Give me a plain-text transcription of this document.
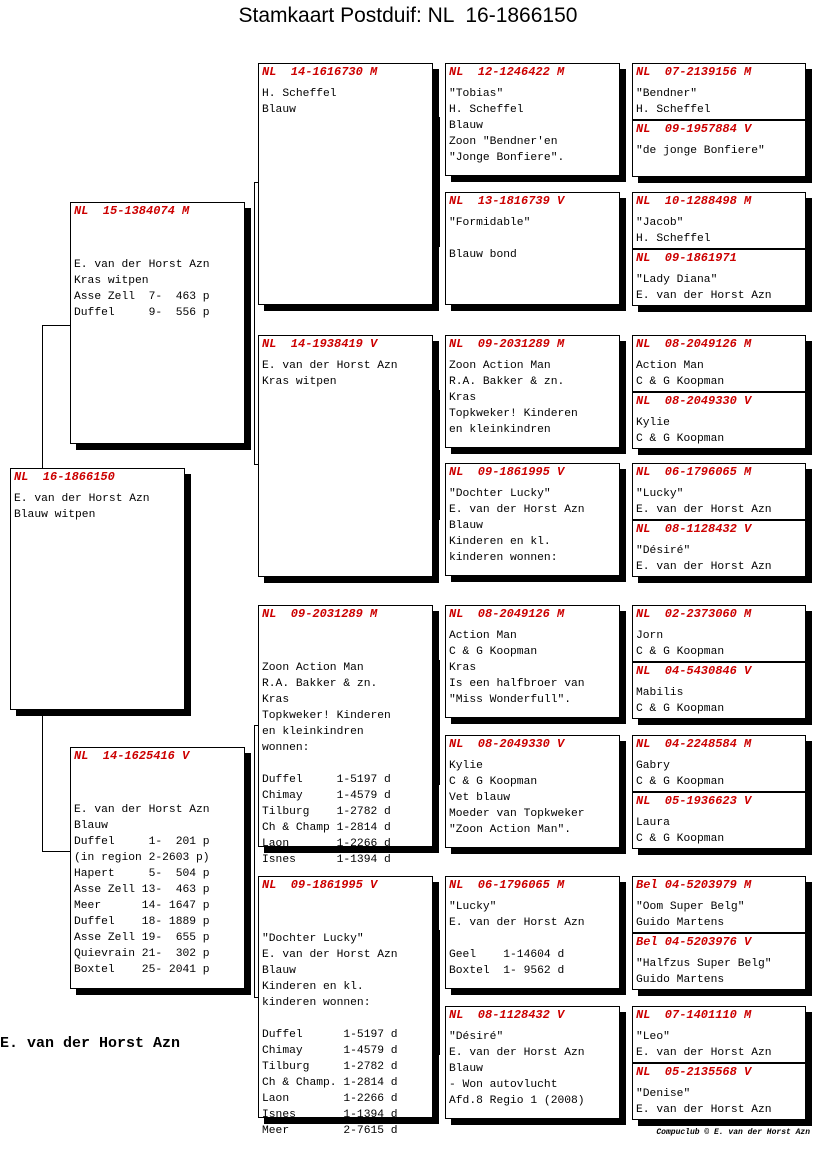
Stamkaart Postduif: NL  16-1866150
NL  16-1866150
E. van der Horst Azn
Blauw witpen
NL  15-1384074 M

E. van der Horst Azn
Kras witpen
Asse Zell  7-  463 p
Duffel     9-  556 p

NL  14-1625416 V

E. van der Horst Azn
Blauw
Duffel     1-  201 p
(in region 2-2603 p)
Hapert     5-  504 p
Asse Zell 13-  463 p
Meer      14- 1647 p
Duffel    18- 1889 p
Asse Zell 19-  655 p
Quievrain 21-  302 p
Boxtel    25- 2041 p

NL  14-1616730 M
H. Scheffel
Blauw
NL  14-1938419 V
E. van der Horst Azn
Kras witpen
NL  09-2031289 M

Zoon Action Man
R.A. Bakker & zn.
Kras
Topkweker! Kinderen
en kleinkindren
wonnen:
Duffel     1-5197 d
Chimay     1-4579 d
Tilburg    1-2782 d
Ch & Champ 1-2814 d
Laon       1-2266 d
Isnes      1-1394 d

NL  09-1861995 V

"Dochter Lucky"
E. van der Horst Azn
Blauw
Kinderen en kl.
kinderen wonnen:
Duffel      1-5197 d
Chimay      1-4579 d
Tilburg     1-2782 d
Ch & Champ. 1-2814 d
Laon        1-2266 d
Isnes       1-1394 d
Meer        2-7615 d

NL  12-1246422 M
"Tobias"
H. Scheffel
Blauw
Zoon "Bendner'en
"Jonge Bonfiere".
NL  13-1816739 V
"Formidable"
Blauw bond
NL  09-2031289 M
Zoon Action Man
R.A. Bakker & zn.
Kras
Topkweker! Kinderen
en kleinkindren
NL  09-1861995 V
"Dochter Lucky"
E. van der Horst Azn
Blauw
Kinderen en kl.
kinderen wonnen:
NL  08-2049126 M
Action Man
C & G Koopman
Kras
Is een halfbroer van
"Miss Wonderfull".
NL  08-2049330 V
Kylie
C & G Koopman
Vet blauw
Moeder van Topkweker
"Zoon Action Man".
NL  06-1796065 M
"Lucky"
E. van der Horst Azn
Geel    1-14604 d
Boxtel  1- 9562 d
NL  08-1128432 V
"Désiré"
E. van der Horst Azn
Blauw
- Won autovlucht
Afd.8 Regio 1 (2008)
NL  07-2139156 M
"Bendner"
H. Scheffel
NL  09-1957884 V
"de jonge Bonfiere"
NL  10-1288498 M
"Jacob"
H. Scheffel
NL  09-1861971
"Lady Diana"
E. van der Horst Azn
NL  08-2049126 M
Action Man
C & G Koopman
NL  08-2049330 V
Kylie
C & G Koopman
NL  06-1796065 M
"Lucky"
E. van der Horst Azn
NL  08-1128432 V
"Désiré"
E. van der Horst Azn
NL  02-2373060 M
Jorn
C & G Koopman
NL  04-5430846 V
Mabilis
C & G Koopman
NL  04-2248584 M
Gabry
C & G Koopman
NL  05-1936623 V
Laura
C & G Koopman
Bel 04-5203979 M
"Oom Super Belg"
Guido Martens
Bel 04-5203976 V
"Halfzus Super Belg"
Guido Martens
NL  07-1401110 M
"Leo"
E. van der Horst Azn
NL  05-2135568 V
"Denise"
E. van der Horst Azn
E. van der Horst Azn
Compuclub © E. van der Horst Azn
